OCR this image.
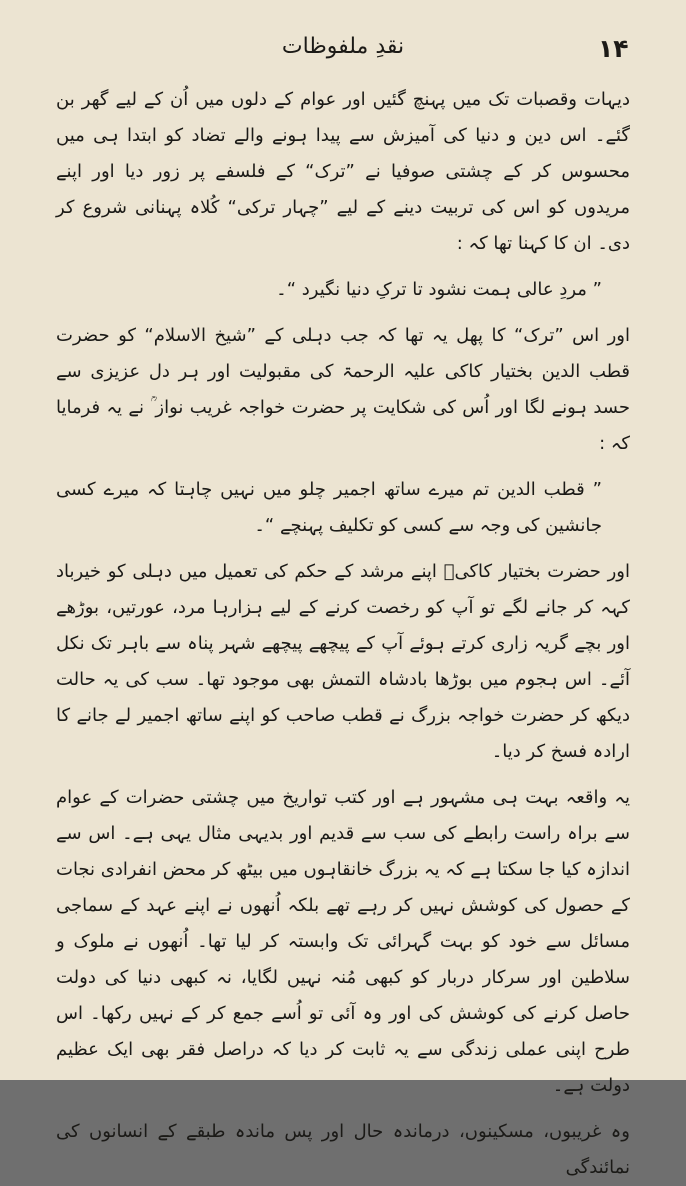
۱۴
نقدِ ملفوظات

دیہات وقصبات تک میں پہنچ گئیں اور عوام کے دلوں میں اُن کے لیے گھر بن گئے۔ اس دین و دنیا کی آمیزش سے پیدا ہونے والے تضاد کو ابتدا ہی میں محسوس کر کے چشتی صوفیا نے ”ترک“ کے فلسفے پر زور دیا اور اپنے مریدوں کو اس کی تربیت دینے کے لیے ”چہار ترکی“ کُلاہ پہنانی شروع کر دی۔ ان کا کہنا تھا کہ :

” مردِ عالی ہمت نشود تا ترکِ دنیا نگیرد “۔

اور اس ”ترک“ کا پھل یہ تھا کہ جب دہلی کے ”شیخ الاسلام“ کو حضرت قطب الدین بختیار کاکی علیہ الرحمۃ کی مقبولیت اور ہر دل عزیزی سے حسد ہونے لگا اور اُس کی شکایت پر حضرت خواجہ غریب نواز ؒ نے یہ فرمایا کہ :

” قطب الدین تم میرے ساتھ اجمیر چلو میں نہیں چاہتا کہ میرے کسی جانشین کی وجہ سے کسی کو تکلیف پہنچے “۔

اور حضرت بختیار کاکیؒ اپنے مرشد کے حکم کی تعمیل میں دہلی کو خیرباد کہہ کر جانے لگے تو آپ کو رخصت کرنے کے لیے ہزارہا مرد، عورتیں، بوڑھے اور بچے گریہ زاری کرتے ہوئے آپ کے پیچھے پیچھے شہر پناہ سے باہر تک نکل آئے۔ اس ہجوم میں بوڑھا بادشاہ التمش بھی موجود تھا۔ سب کی یہ حالت دیکھ کر حضرت خواجہ بزرگ نے قطب صاحب کو اپنے ساتھ اجمیر لے جانے کا ارادہ فسخ کر دیا۔

یہ واقعہ بہت ہی مشہور ہے اور کتب تواریخ میں چشتی حضرات کے عوام سے براہ راست رابطے کی سب سے قدیم اور بدیہی مثال یہی ہے۔ اس سے اندازہ کیا جا سکتا ہے کہ یہ بزرگ خانقاہوں میں بیٹھ کر محض انفرادی نجات کے حصول کی کوشش نہیں کر رہے تھے بلکہ اُنھوں نے اپنے عہد کے سماجی مسائل سے خود کو بہت گہرائی تک وابستہ کر لیا تھا۔ اُنھوں نے ملوک و سلاطین اور سرکار دربار کو کبھی مُنہ نہیں لگایا، نہ کبھی دنیا کی دولت حاصل کرنے کی کوشش کی اور وہ آئی تو اُسے جمع کر کے نہیں رکھا۔ اس طرح اپنی عملی زندگی سے یہ ثابت کر دیا کہ دراصل فقر بھی ایک عظیم دولت ہے۔

وہ غریبوں، مسکینوں، درماندہ حال اور پس ماندہ طبقے کے انسانوں کی نمائندگی
